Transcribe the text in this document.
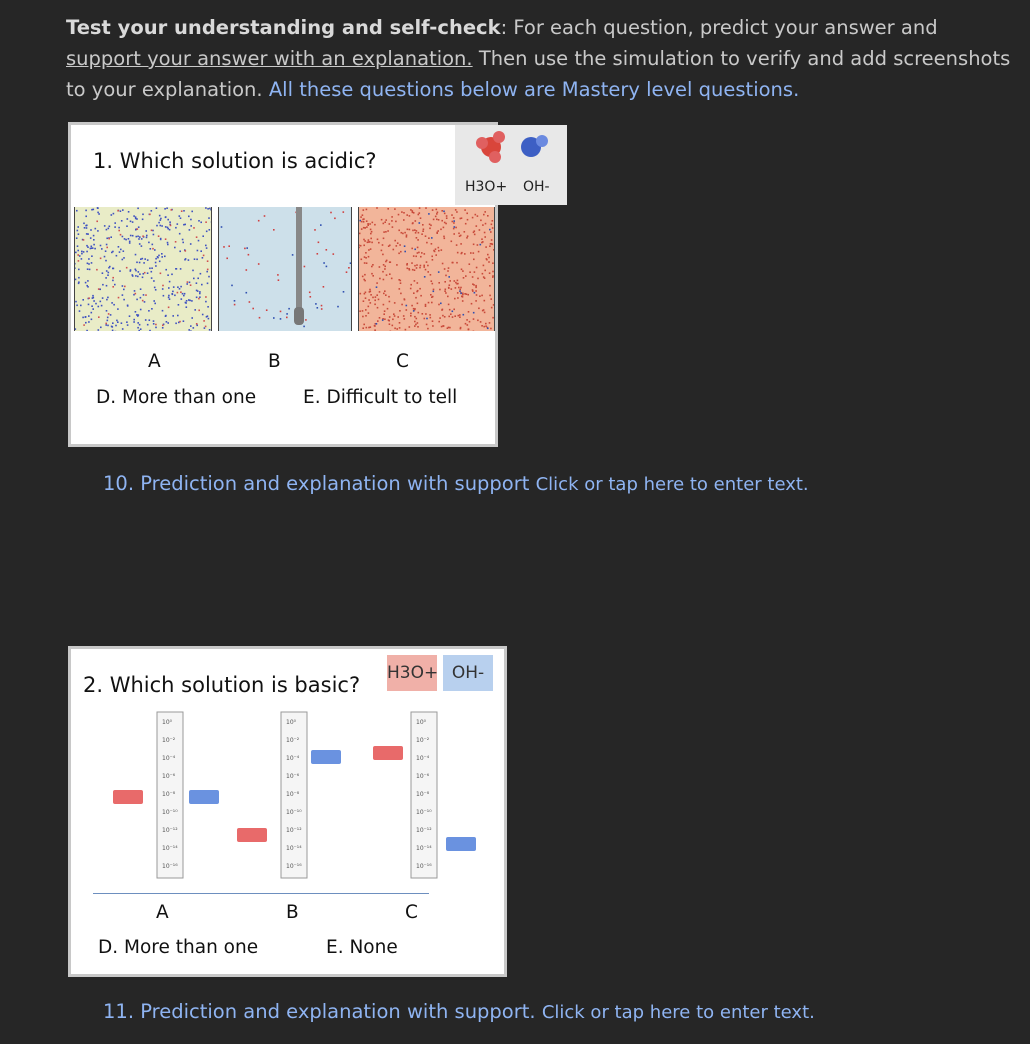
Test your understanding and self-check: For each question, predict your answer and support your answer with an explanation. Then use the simulation to verify and add screenshots to your explanation. All these questions below are Mastery level questions.
1. Which solution is acidic?
H3O+ OH-
A	B	C
D. More than one	E. Difficult to tell
10. Prediction and explanation with support Click or tap here to enter text.
2. Which solution is basic? H3O+ OH-
10⁰
10⁻²
10⁻⁴
10⁻⁶
10⁻⁸
10⁻¹⁰
10⁻¹²
10⁻¹⁴
10⁻¹⁶
10⁰
10⁻²
10⁻⁴
10⁻⁶
10⁻⁸
10⁻¹⁰
10⁻¹²
10⁻¹⁴
10⁻¹⁶
10⁰
10⁻²
10⁻⁴
10⁻⁶
10⁻⁸
10⁻¹⁰
10⁻¹²
10⁻¹⁴
10⁻¹⁶
A	B	C
D. More than one	E. None
11. Prediction and explanation with support. Click or tap here to enter text.
